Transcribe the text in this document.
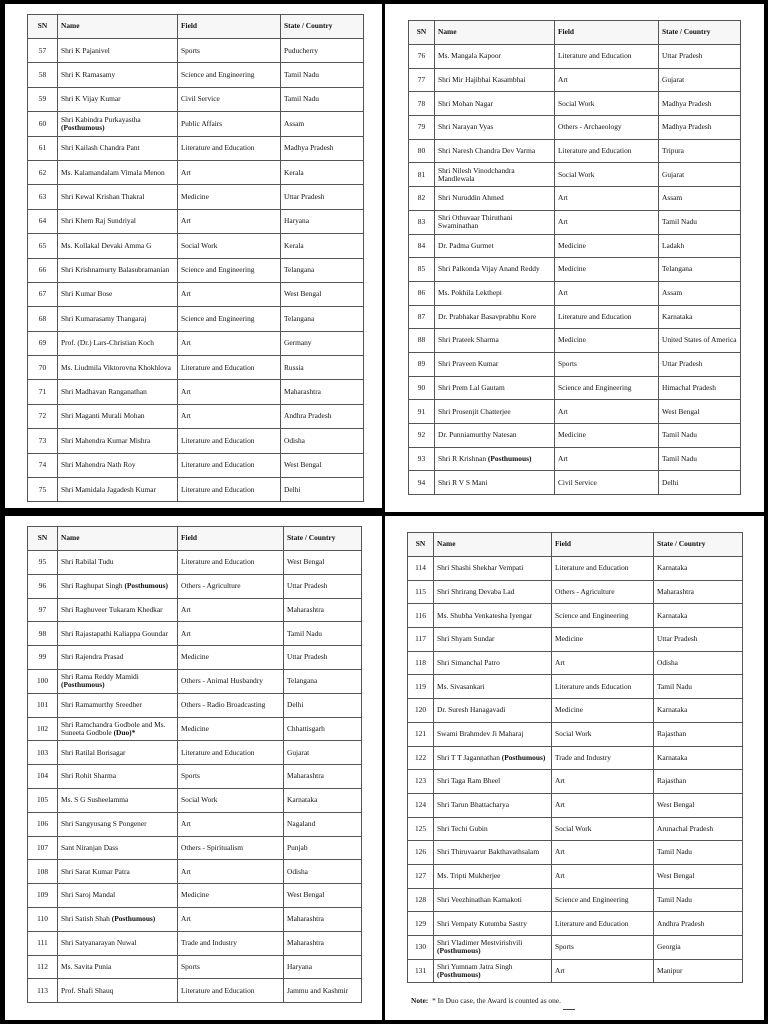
SN	Name	Field	State / Country
57	Shri K Pajanivel	Sports	Puducherry
58	Shri K Ramasamy	Science and Engineering	Tamil Nadu
59	Shri K Vijay Kumar	Civil Service	Tamil Nadu
60	Shri Kabindra Purkayastha (Posthumous)	Public Affairs	Assam
61	Shri Kailash Chandra Pant	Literature and Education	Madhya Pradesh
62	Ms. Kalamandalam Vimala Menon	Art	Kerala
63	Shri Kewal Krishan Thakral	Medicine	Uttar Pradesh
64	Shri Khem Raj Sundriyal	Art	Haryana
65	Ms. Kollakal Devaki Amma G	Social Work	Kerala
66	Shri Krishnamurty Balasubramanian	Science and Engineering	Telangana
67	Shri Kumar Bose	Art	West Bengal
68	Shri Kumarasamy Thangaraj	Science and Engineering	Telangana
69	Prof. (Dr.) Lars-Christian Koch	Art	Germany
70	Ms. Liudmila Viktorovna Khokhlova	Literature and Education	Russia
71	Shri Madhavan Ranganathan	Art	Maharashtra
72	Shri Maganti Murali Mohan	Art	Andhra Pradesh
73	Shri Mahendra Kumar Mishra	Literature and Education	Odisha
74	Shri Mahendra Nath Roy	Literature and Education	West Bengal
75	Shri Mamidala Jagadesh Kumar	Literature and Education	Delhi
SN	Name	Field	State / Country
76	Ms. Mangala Kapoor	Literature and Education	Uttar Pradesh
77	Shri Mir Hajibhai Kasambhai	Art	Gujarat
78	Shri Mohan Nagar	Social Work	Madhya Pradesh
79	Shri Narayan Vyas	Others - Archaeology	Madhya Pradesh
80	Shri Naresh Chandra Dev Varma	Literature and Education	Tripura
81	Shri Nilesh Vinodchandra Mandlewala	Social Work	Gujarat
82	Shri Nuruddin Ahmed	Art	Assam
83	Shri Othuvaar Thiruthani Swaminathan	Art	Tamil Nadu
84	Dr. Padma Gurmet	Medicine	Ladakh
85	Shri Palkonda Vijay Anand Reddy	Medicine	Telangana
86	Ms. Pokhila Lekthepi	Art	Assam
87	Dr. Prabhakar Basavprabhu Kore	Literature and Education	Karnataka
88	Shri Prateek Sharma	Medicine	United States of America
89	Shri Praveen Kumar	Sports	Uttar Pradesh
90	Shri Prem Lal Gautam	Science and Engineering	Himachal Pradesh
91	Shri Prosenjit Chatterjee	Art	West Bengal
92	Dr. Punniamurthy Natesan	Medicine	Tamil Nadu
93	Shri R Krishnan (Posthumous)	Art	Tamil Nadu
94	Shri R V S Mani	Civil Service	Delhi
SN	Name	Field	State / Country
95	Shri Rabilal Tudu	Literature and Education	West Bengal
96	Shri Raghupat Singh (Posthumous)	Others - Agriculture	Uttar Pradesh
97	Shri Raghuveer Tukaram Khedkar	Art	Maharashtra
98	Shri Rajastapathi Kaliappa Goundar	Art	Tamil Nadu
99	Shri Rajendra Prasad	Medicine	Uttar Pradesh
100	Shri Rama Reddy Mamidi (Posthumous)	Others - Animal Husbandry	Telangana
101	Shri Ramamurthy Sreedher	Others - Radio Broadcasting	Delhi
102	Shri Ramchandra Godbole and Ms. Suneeta Godbole (Duo)*	Medicine	Chhattisgarh
103	Shri Ratilal Borisagar	Literature and Education	Gujarat
104	Shri Rohit Sharma	Sports	Maharashtra
105	Ms. S G Susheelamma	Social Work	Karnataka
106	Shri Sangyusang S Pongener	Art	Nagaland
107	Sant Niranjan Dass	Others - Spiritualism	Punjab
108	Shri Sarat Kumar Patra	Art	Odisha
109	Shri Saroj Mandal	Medicine	West Bengal
110	Shri Satish Shah (Posthumous)	Art	Maharashtra
111	Shri Satyanarayan Nuwal	Trade and Industry	Maharashtra
112	Ms. Savita Punia	Sports	Haryana
113	Prof. Shafi Shauq	Literature and Education	Jammu and Kashmir
SN	Name	Field	State / Country
114	Shri Shashi Shekhar Vempati	Literature and Education	Karnataka
115	Shri Shrirang Devaba Lad	Others - Agriculture	Maharashtra
116	Ms. Shubha Venkatesha Iyengar	Science and Engineering	Karnataka
117	Shri Shyam Sundar	Medicine	Uttar Pradesh
118	Shri Simanchal Patro	Art	Odisha
119	Ms. Sivasankari	Literature ands Education	Tamil Nadu
120	Dr. Suresh Hanagavadi	Medicine	Karnataka
121	Swami Brahmdev Ji Maharaj	Social Work	Rajasthan
122	Shri T T Jagannathan (Posthumous)	Trade and Industry	Karnataka
123	Shri Taga Ram Bheel	Art	Rajasthan
124	Shri Tarun Bhattacharya	Art	West Bengal
125	Shri Techi Gubin	Social Work	Arunachal Pradesh
126	Shri Thiruvaarur Bakthavathsalam	Art	Tamil Nadu
127	Ms. Tripti Mukherjee	Art	West Bengal
128	Shri Veezhinathan Kamakoti	Science and Engineering	Tamil Nadu
129	Shri Vempaty Kutumba Sastry	Literature and Education	Andhra Pradesh
130	Shri Vladimer Mestvirishvili (Posthumous)	Sports	Georgia
131	Shri Yumnam Jatra Singh (Posthumous)	Art	Manipur
Note: * In Duo case, the Award is counted as one.
